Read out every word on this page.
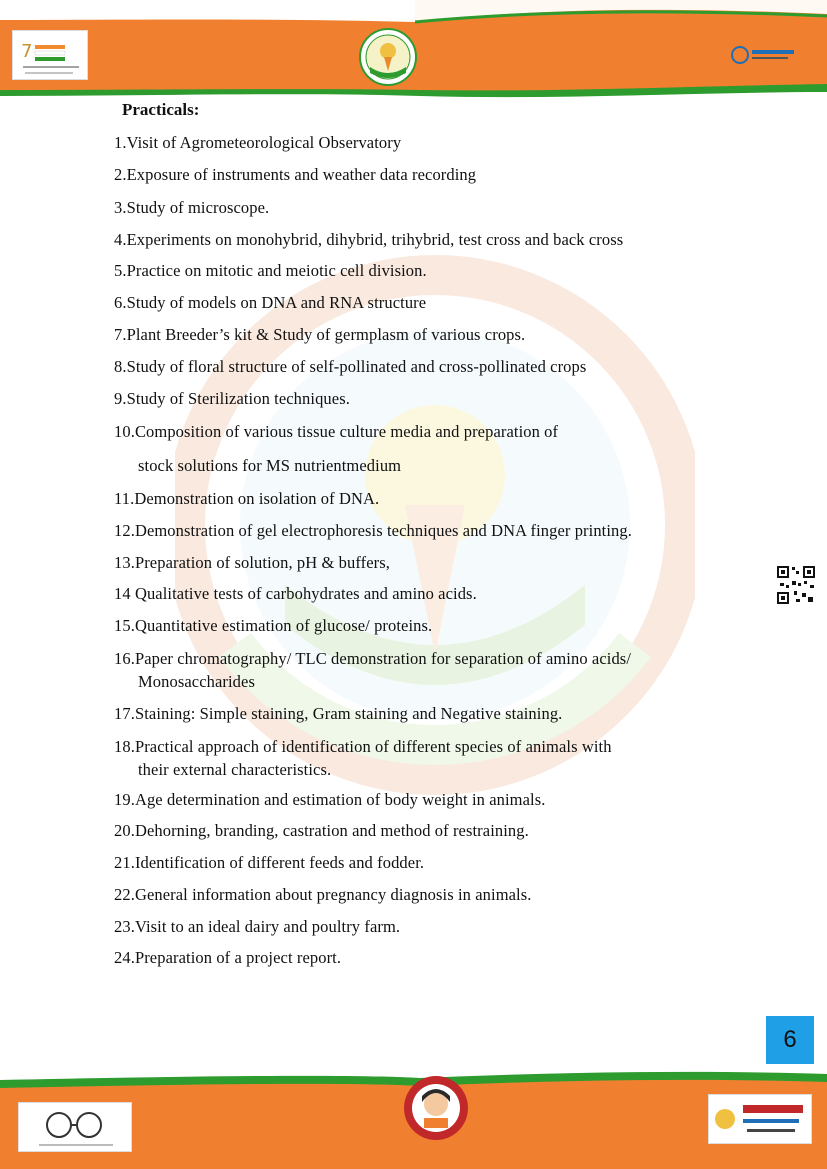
7
Practicals:
1.Visit of Agrometeorological Observatory
2.Exposure of instruments and weather data recording
3.Study of microscope.
4.Experiments on monohybrid, dihybrid, trihybrid, test cross and back cross
5.Practice on mitotic and meiotic cell division.
6.Study of models on DNA and RNA structure
7.Plant Breeder’s kit & Study of germplasm of various crops.
8.Study of floral structure of self-pollinated and cross-pollinated crops
9.Study of Sterilization techniques.
10.Composition of various tissue culture media and preparation of
stock solutions for MS nutrientmedium
11.Demonstration on isolation of DNA.
12.Demonstration of gel electrophoresis techniques and DNA finger printing.
13.Preparation of solution, pH & buffers,
14 Qualitative tests of carbohydrates and amino acids.
15.Quantitative estimation of glucose/ proteins.
16.Paper chromatography/ TLC demonstration for separation of amino acids/
Monosaccharides
17.Staining: Simple staining, Gram staining and Negative staining.
18.Practical approach of identification of different species of animals with
their external characteristics.
19.Age determination and estimation of body weight in animals.
20.Dehorning, branding, castration and method of restraining.
21.Identification of different feeds and fodder.
22.General information about pregnancy diagnosis in animals.
23.Visit to an ideal dairy and poultry farm.
24.Preparation of a project report.
6
